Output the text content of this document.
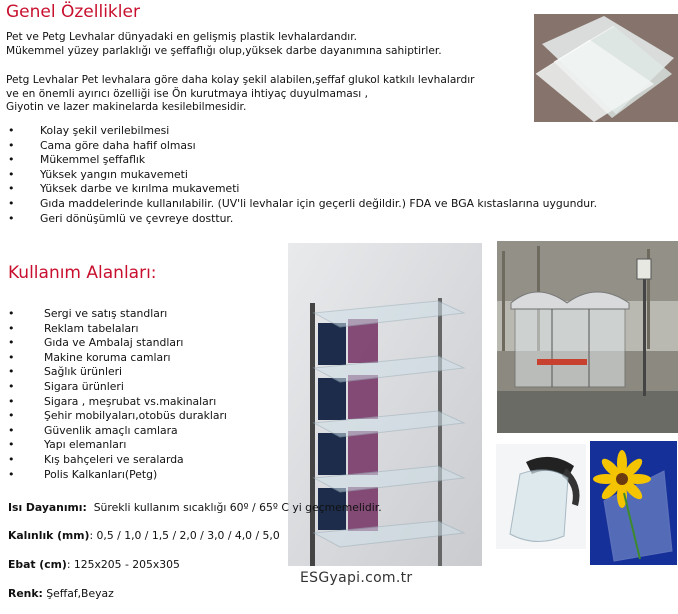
Genel Özellikler
Pet ve Petg Levhalar dünyadaki en gelişmiş plastik levhalardandır.
Mükemmel yüzey parlaklığı ve şeffaflığı olup,yüksek darbe dayanımına sahiptirler.
Petg Levhalar Pet levhalara göre daha kolay şekil alabilen,şeffaf glukol katkılı levhalardır
ve en önemli ayırıcı özelliği ise Ön kurutmaya ihtiyaç duyulmaması ,
Giyotin ve lazer makinelarda kesilebilmesidir.
• Kolay şekil verilebilmesi
• Cama göre daha hafif olması
• Mükemmel şeffaflık
• Yüksek yangın mukavemeti
• Yüksek darbe ve kırılma mukavemeti
• Gıda maddelerinde kullanılabilir. (UV'li levhalar için geçerli değildir.) FDA ve BGA kıstaslarına uygundur.
• Geri dönüşümlü ve çevreye dosttur.
Kullanım Alanları:
• Sergi ve satış standları
• Reklam tabelaları
• Gıda ve Ambalaj standları
• Makine koruma camları
• Sağlık ürünleri
• Sigara ürünleri
• Sigara , meşrubat vs.makinaları
• Şehir mobilyaları,otobüs durakları
• Güvenlik amaçlı camlara
• Yapı elemanları
• Kış bahçeleri ve seralarda
• Polis Kalkanları(Petg)
Isı Dayanımı: Sürekli kullanım sıcaklığı 60º / 65º C yi geçmemelidir.
Kalınlık (mm): 0,5 / 1,0 / 1,5 / 2,0 / 3,0 / 4,0 / 5,0
Ebat (cm): 125x205 - 205x305
Renk: Şeffaf,Beyaz
ESGyapi.com.tr
